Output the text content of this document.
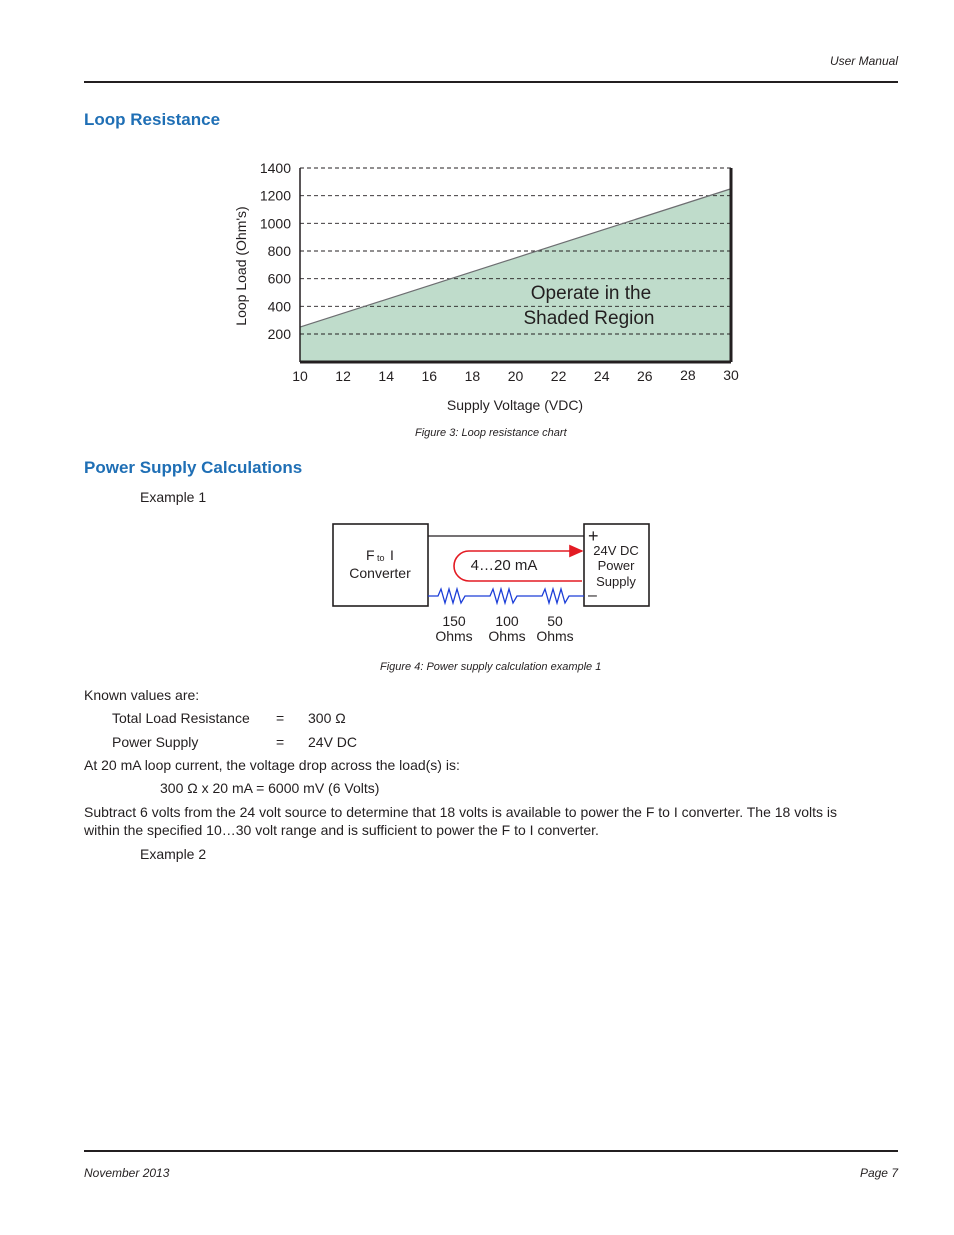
User Manual
Loop Resistance
10 12 14 16 18 20 22 24 26 28 30
1400
1200
1000
800
600
400
200
Loop Load (Ohm's)
Supply Voltage (VDC)
Operate in the
Shaded Region
Figure 3: Loop resistance chart
Power Supply Calculations
Example 1
F to I
Converter	4…20 mA
+
–
24V DC
Power
Supply
150
Ohms
100
Ohms
50
Ohms
Figure 4: Power supply calculation example 1
Known values are:
Total Load Resistance = 300 Ω
Power Supply	= 24V DC
At 20 mA loop current, the voltage drop across the load(s) is:
300 Ω x 20 mA = 6000 mV (6 Volts)
Subtract 6 volts from the 24 volt source to determine that 18 volts is available to power the F to I converter. The 18 volts is
within the specified 10…30 volt range and is sufficient to power the F to I converter.
Example 2
November 2013	Page 7
